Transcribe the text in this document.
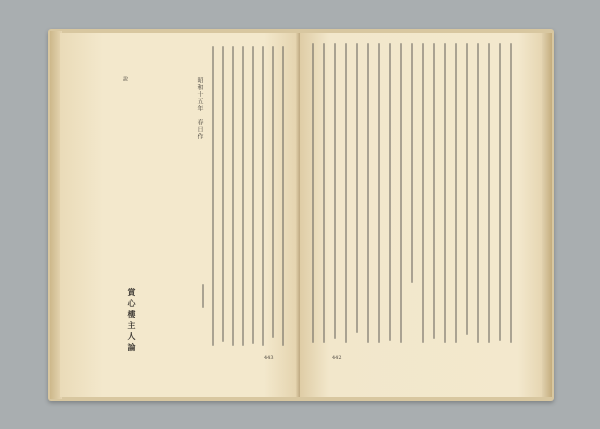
說	昭和十五年　春日作
賞心樓主人論
443	442
